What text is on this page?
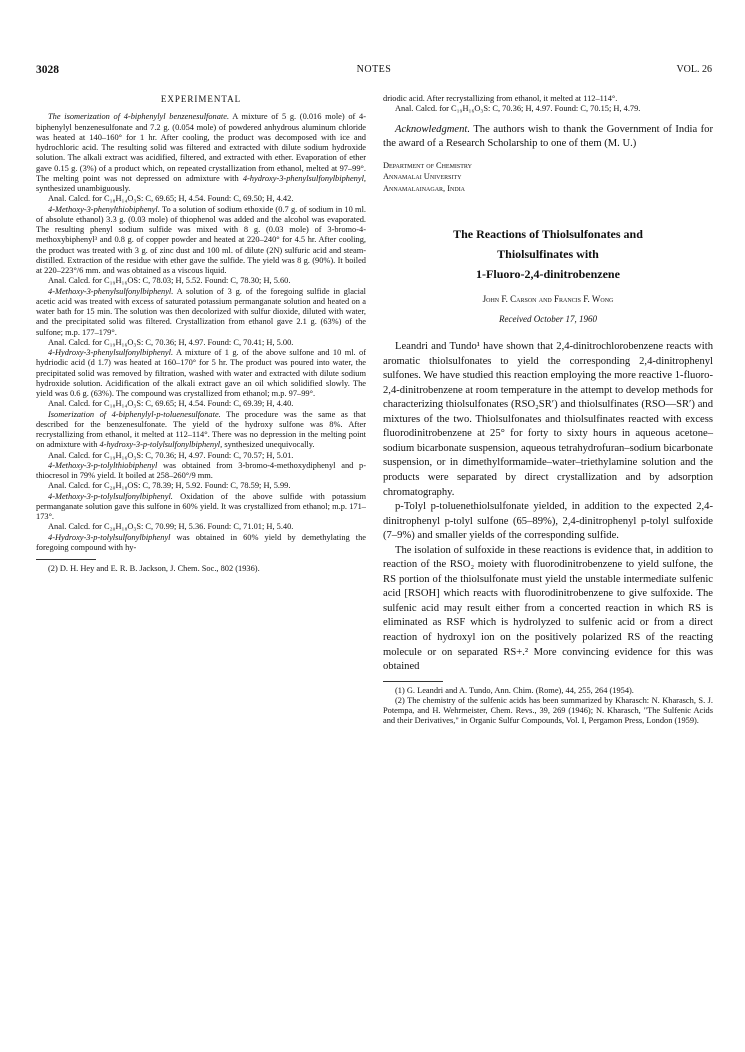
3028	NOTES	VOL. 26

EXPERIMENTAL

The isomerization of 4-biphenylyl benzenesulfonate. A mixture of 5 g. (0.016 mole) of 4-biphenylyl benzenesulfonate and 7.2 g. (0.054 mole) of powdered anhydrous aluminum chloride was heated at 140–160° for 1 hr. After cooling, the product was decomposed with ice and hydrochloric acid. The resulting solid was filtered and extracted with dilute sodium hydroxide solution. The alkali extract was acidified, filtered, and extracted with ether. Evaporation of ether gave 0.15 g. (3%) of a product which, on repeated crystallization from ethanol, melted at 97–99°. The melting point was not depressed on admixture with 4-hydroxy-3-phenylsulfonylbiphenyl, synthesized unambiguously.

Anal. Calcd. for C₁₈H₁₄O₃S: C, 69.65; H, 4.54. Found: C, 69.50; H, 4.42.

4-Methoxy-3-phenylthiobiphenyl. To a solution of sodium ethoxide (0.7 g. of sodium in 10 ml. of absolute ethanol) 3.3 g. (0.03 mole) of thiophenol was added and the alcohol was evaporated. The resulting phenyl sodium sulfide was mixed with 8 g. (0.03 mole) of 3-bromo-4-methoxybiphenyl³ and 0.8 g. of copper powder and heated at 220–240° for 4.5 hr. After cooling, the product was treated with 3 g. of zinc dust and 100 ml. of dilute (2N) sulfuric acid and steam-distilled. Extraction of the residue with ether gave the sulfide. The yield was 8 g. (90%). It boiled at 220–223°/6 mm. and was obtained as a viscous liquid.

Anal. Calcd. for C₁₉H₁₆OS: C, 78.03; H, 5.52. Found: C, 78.30; H, 5.60.

4-Methoxy-3-phenylsulfonylbiphenyl. A solution of 3 g. of the foregoing sulfide in glacial acetic acid was treated with excess of saturated potassium permanganate solution and heated on a water bath for 15 min. The solution was then decolorized with sulfur dioxide, diluted with water, and the precipitated solid was filtered. Crystallization from ethanol gave 2.1 g. (63%) of the sulfone; m.p. 177–179°.

Anal. Calcd. for C₁₉H₁₆O₃S: C, 70.36; H, 4.97. Found: C, 70.41; H, 5.00.

4-Hydroxy-3-phenylsulfonylbiphenyl. A mixture of 1 g. of the above sulfone and 10 ml. of hydriodic acid (d 1.7) was heated at 160–170° for 5 hr. The product was poured into water, the precipitated solid was removed by filtration, washed with water and extracted with dilute sodium hydroxide solution. Acidification of the alkali extract gave an oil which solidified slowly. The yield was 0.6 g. (63%). The compound was crystallized from ethanol; m.p. 97–99°.

Anal. Calcd. for C₁₈H₁₄O₃S: C, 69.65; H, 4.54. Found: C, 69.39; H, 4.40.

Isomerization of 4-biphenylyl-p-toluenesulfonate. The procedure was the same as that described for the benzenesulfonate. The yield of the hydroxy sulfone was 8%. After recrystallizing from ethanol, it melted at 112–114°. There was no depression in the melting point on admixture with 4-hydroxy-3-p-tolylsulfonylbiphenyl, synthesized unequivocally.

Anal. Calcd. for C₁₉H₁₆O₃S: C, 70.36; H, 4.97. Found: C, 70.57; H, 5.01.

4-Methoxy-3-p-tolylthiobiphenyl was obtained from 3-bromo-4-methoxydiphenyl and p-thiocresol in 79% yield. It boiled at 258–260°/9 mm.

Anal. Calcd. for C₂₀H₁₈OS: C, 78.39; H, 5.92. Found: C, 78.59; H, 5.99.

4-Methoxy-3-p-tolylsulfonylbiphenyl. Oxidation of the above sulfide with potassium permanganate solution gave this sulfone in 60% yield. It was crystallized from ethanol; m.p. 171–173°.

Anal. Calcd. for C₂₀H₁₈O₃S: C, 70.99; H, 5.36. Found: C, 71.01; H, 5.40.

4-Hydroxy-3-p-tolylsulfonylbiphenyl was obtained in 60% yield by demethylating the foregoing compound with hy-

(2) D. H. Hey and E. R. B. Jackson, J. Chem. Soc., 802 (1936).

driodic acid. After recrystallizing from ethanol, it melted at 112–114°.

Anal. Calcd. for C₁₉H₁₆O₃S: C, 70.36; H, 4.97. Found: C, 70.15; H, 4.79.

Acknowledgment. The authors wish to thank the Government of India for the award of a Research Scholarship to one of them (M. U.)

Department of Chemistry

Annamalai University

Annamalainagar, India

The Reactions of Thiolsulfonates and

Thiolsulfinates with

1-Fluoro-2,4-dinitrobenzene

John F. Carson and Francis F. Wong

Received October 17, 1960

Leandri and Tundo¹ have shown that 2,4-dinitrochlorobenzene reacts with aromatic thiolsulfonates to yield the corresponding 2,4-dinitrophenyl sulfones. We have studied this reaction employing the more reactive 1-fluoro-2,4-dinitrobenzene at room temperature in the attempt to develop methods for characterizing thiolsulfonates (RSO₂SR′) and thiolsulfinates (RSO—SR′) and mixtures of the two. Thiolsulfonates and thiolsulfinates reacted with excess fluorodinitrobenzene at 25° for forty to sixty hours in aqueous acetone–sodium bicarbonate suspension, aqueous tetrahydrofuran–sodium bicarbonate suspension, or in dimethylformamide–water–triethylamine solution and the products were separated by direct crystallization and by adsorption chromatography.

p-Tolyl p-toluenethiolsulfonate yielded, in addition to the expected 2,4-dinitrophenyl p-tolyl sulfone (65–89%), 2,4-dinitrophenyl p-tolyl sulfoxide (7–9%) and smaller yields of the corresponding sulfide.

The isolation of sulfoxide in these reactions is evidence that, in addition to reaction of the RSO₂ moiety with fluorodinitrobenzene to yield sulfone, the RS portion of the thiolsulfonate must yield the unstable intermediate sulfenic acid [RSOH] which reacts with fluorodinitrobenzene to give sulfoxide. The sulfenic acid may result either from a concerted reaction in which RS is eliminated as RSF which is hydrolyzed to sulfenic acid or from a direct reaction of hydroxyl ion on the positively polarized RS of the reacting molecule or on separated RS+.² More convincing evidence for this was obtained

(1) G. Leandri and A. Tundo, Ann. Chim. (Rome), 44, 255, 264 (1954).

(2) The chemistry of the sulfenic acids has been summarized by Kharasch: N. Kharasch, S. J. Potempa, and H. Wehrmeister, Chem. Revs., 39, 269 (1946); N. Kharasch, "The Sulfenic Acids and their Derivatives," in Organic Sulfur Compounds, Vol. I, Pergamon Press, London (1959).
